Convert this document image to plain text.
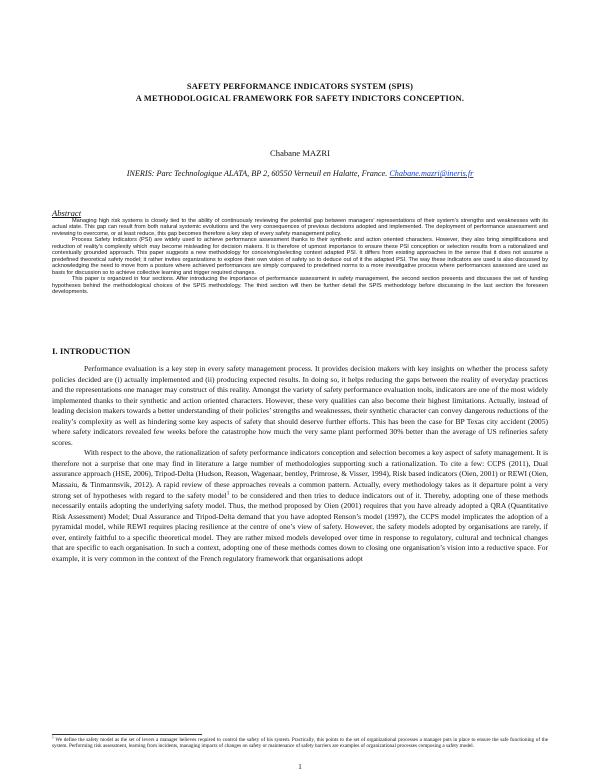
SAFETY PERFORMANCE INDICATORS SYSTEM (SPIS)
A METHODOLOGICAL FRAMEWORK FOR SAFETY INDICTORS CONCEPTION.
Chabane MAZRI
INERIS: Parc Technologique ALATA, BP 2, 60550 Verneuil en Halatte, France. Chabane.mazri@ineris.fr
Abstract

Managing high risk systems is closely tied to the ability of continuously reviewing the potential gap between managers’ representations of their system’s strengths and weaknesses with its actual state. This gap can result from both natural systemic evolutions and the very consequences of previous decisions adopted and implemented. The deployment of performance assessment and reviewing to overcome, or at least reduce, this gap becomes therefore a key step of every safety management policy.

Process Safety Indicators (PSI) are widely used to achieve performance assessment thanks to their synthetic and action oriented characters. However, they also bring simplifications and reduction of reality’s complexity which may become misleading for decision makers. It is therefore of upmost importance to ensure these PSI conception or selection results from a rationalized and contextually grounded approach. This paper suggests a new methodology for conceiving/selecting context adapted PSI. It differs from existing approaches in the sense that it does not assume a predefined theoretical safety model; it rather invites organizations to explore their own vision of safety so to deduce out of it the adapted PSI. The way these indicators are used is also discussed by acknowledging the need to move from a posture where achieved performances are simply compared to predefined norms to a more investigative process where performances assessed are used as basis for discussion so to achieve collective learning and trigger required changes.

This paper is organized in four sections. After introducing the importance of performance assessment in safety management, the second section presents and discusses the set of funding hypotheses behind the methodological choices of the SPIS methodology. The third section will then be further detail the SPIS methodology before discussing in the last section the foreseen developments.

I. INTRODUCTION

Performance evaluation is a key step in every safety management process. It provides decision makers with key insights on whether the process safety policies decided are (i) actually implemented and (ii) producing expected results. In doing so, it helps reducing the gaps between the reality of everyday practices and the representations one manager may construct of this reality. Amongst the variety of safety performance evaluation tools, indicators are one of the most widely implemented thanks to their synthetic and action oriented characters. However, these very qualities can also become their highest limitations. Actually, instead of leading decision makers towards a better understanding of their policies’ strengths and weaknesses, their synthetic character can convey dangerous reductions of the reality’s complexity as well as hindering some key aspects of safety that should deserve further efforts. This has been the case for BP Texas city accident (2005) where safety indicators revealed few weeks before the catastrophe how much the very same plant performed 30% better than the average of US refineries safety scores.

With respect to the above, the rationalization of safety performance indicators conception and selection becomes a key aspect of safety management. It is therefore not a surprise that one may find in literature a large number of methodologies supporting such a rationalization. To cite a few: CCPS (2011), Dual assurance approach (HSE, 2006), Tripod-Delta (Hudson, Reason, Wagenaar, bentley, Primrose, & Visser, 1994), Risk based indicators (Oien, 2001) or REWI (Oien, Massaiu, & Tinmannsvik, 2012). A rapid review of these approaches reveals a common pattern. Actually, every methodology takes as it departure point a very strong set of hypotheses with regard to the safety model$^1$ to be considered and then tries to deduce indicators out of it. Thereby, adopting one of these methods necessarily entails adopting the underlying safety model. Thus, the method proposed by Oien (2001) requires that you have already adopted a QRA (Quantitative Risk Assessment) Model; Dual Assurance and Tripod-Delta demand that you have adopted Renson’s model (1997), the CCPS model implicates the adoption of a pyramidal model, while REWI requires placing resilience at the centre of one’s view of safety. However, the safety models adopted by organisations are rarely, if ever, entirely faithful to a specific theoretical model. They are rather mixed models developed over time in response to regulatory, cultural and technical changes that are specific to each organisation. In such a context, adopting one of these methods comes down to closing one organisation’s vision into a reductive space. For example, it is very common in the context of the French regulatory framework that organisations adopt

$^1$ We define the safety model as the set of levers a manager believes required to control the safety of his system. Practically, this points to the set of organizational processes a manager puts in place to ensure the safe functioning of the system. Performing risk assessment, learning from incidents, managing impacts of changes on safety or maintenance of safety barriers are examples of organizational processes composing a safety model.
1
